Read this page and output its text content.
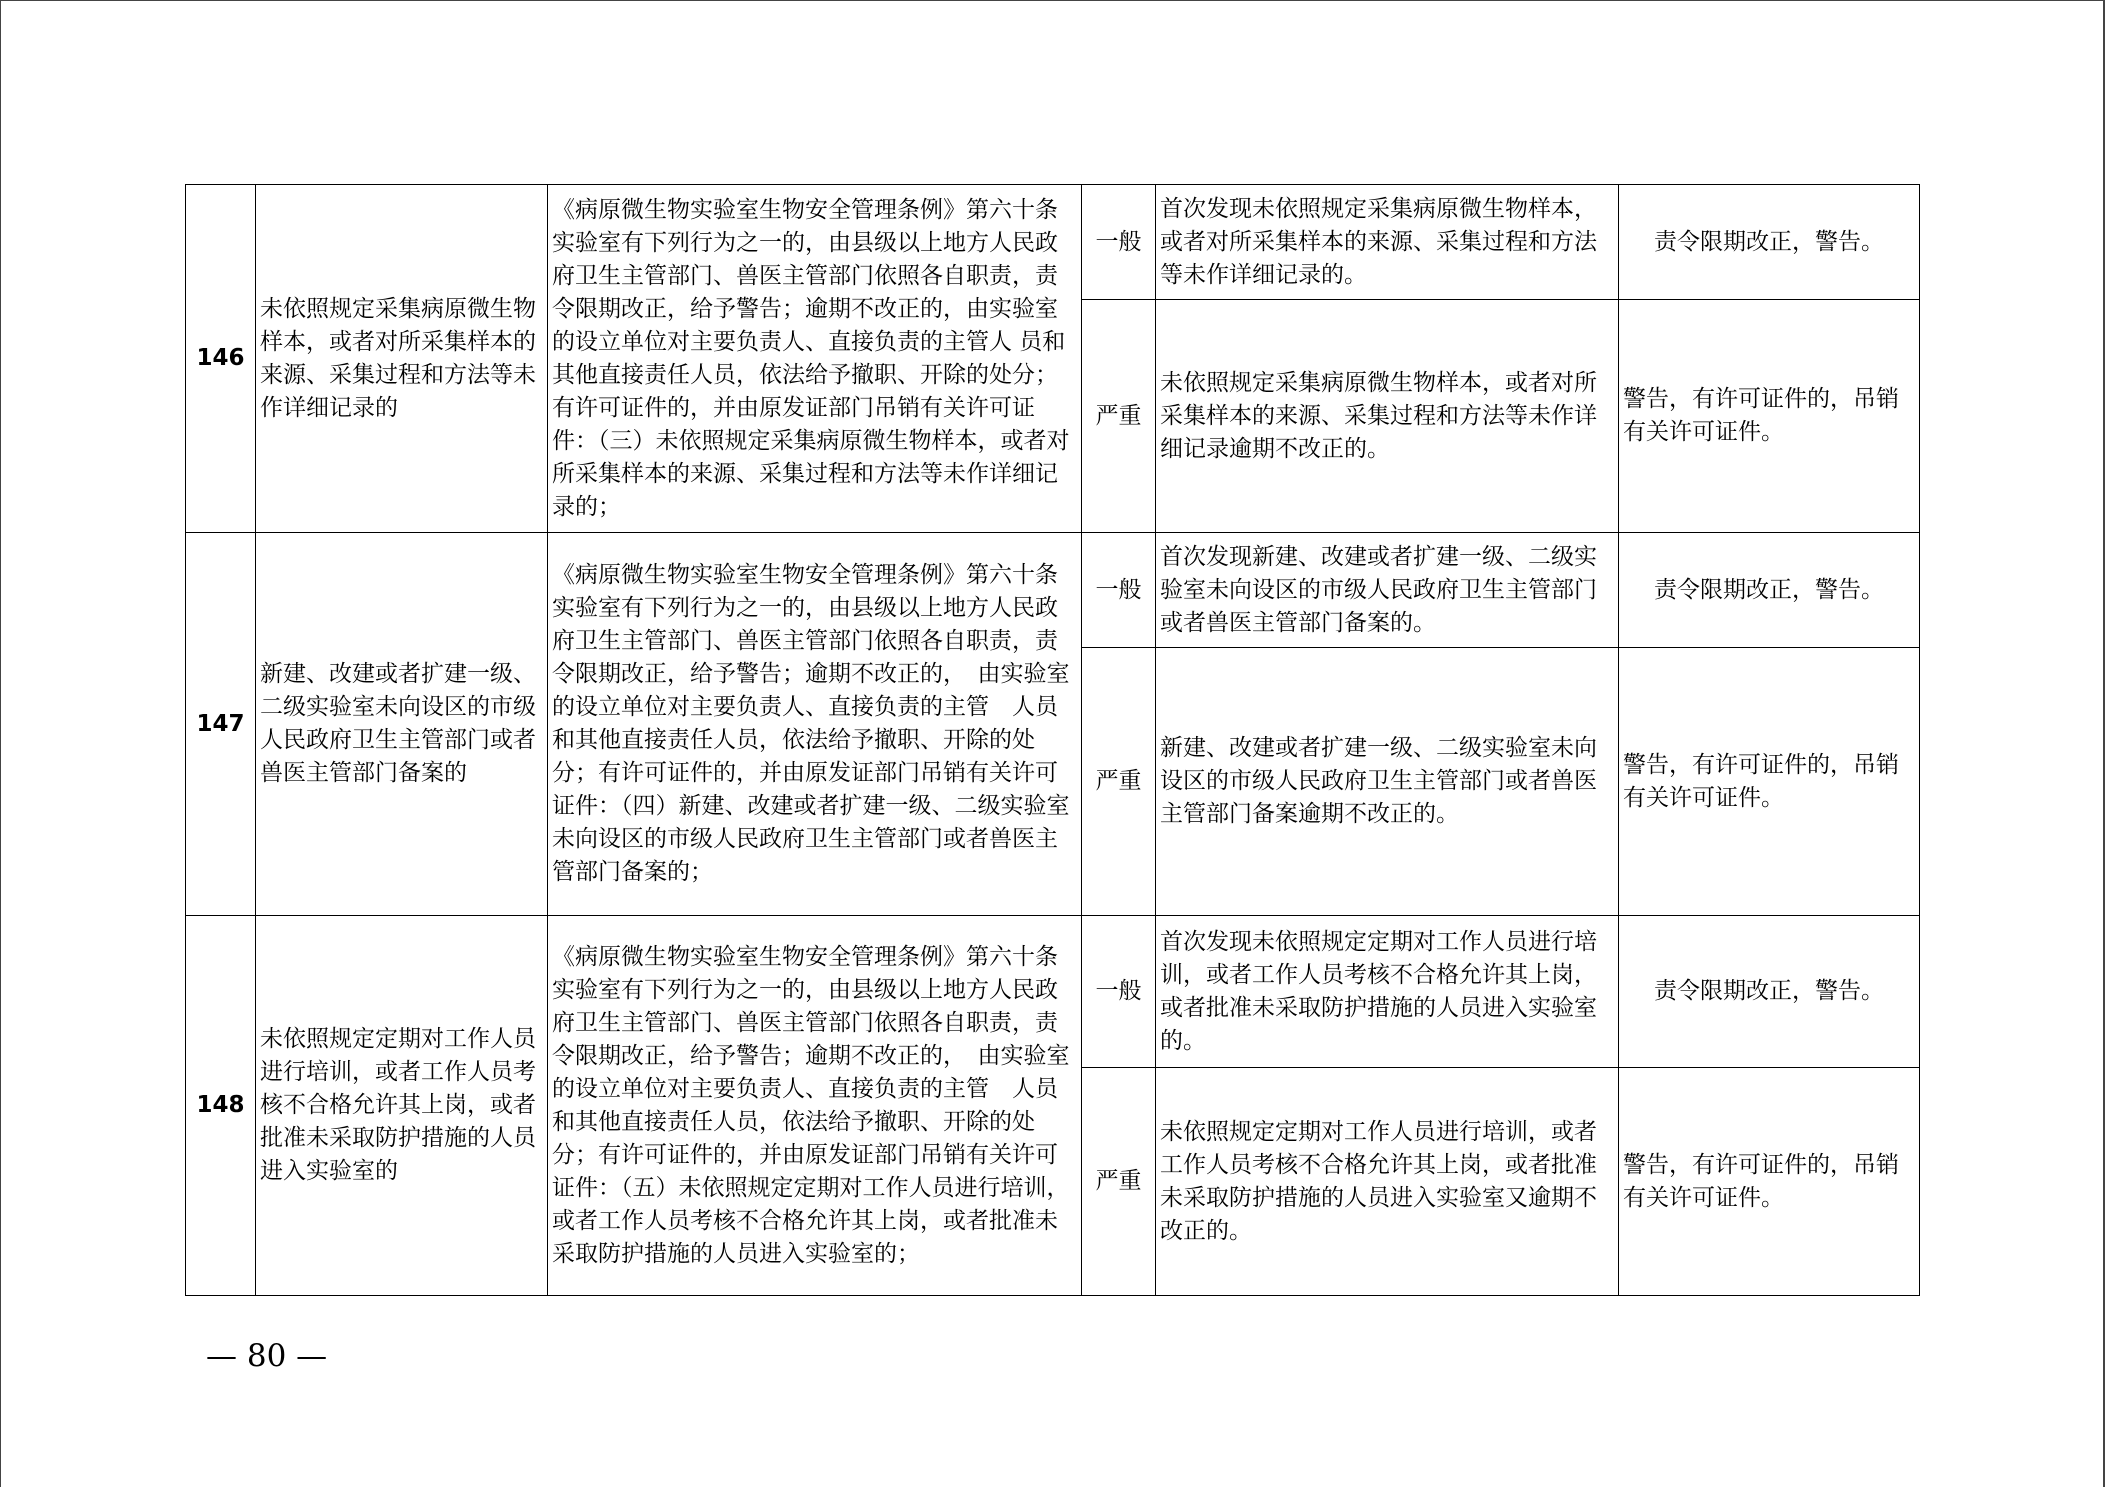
146	未依照规定采集病原微生物样本，或者对所采集样本的来源、采集过程和方法等未作详细记录的	《病原微生物实验室生物安全管理条例》第六十条　实验室有下列行为之一的，由县级以上地方人民政府卫生主管部门、兽医主管部门依照各自职责，责令限期改正，给予警告；逾期不改正的，由实验室的设立单位对主要负责人、直接负责的主管人 员和其他直接责任人员，依法给予撤职、开除的处分；有许可证件的，并由原发证部门吊销有关许可证件：（三）未依照规定采集病原微生物样本，或者对所采集样本的来源、采集过程和方法等未作详细记录的；	一般	首次发现未依照规定采集病原微生物样本，或者对所采集样本的来源、采集过程和方法等未作详细记录的。	责令限期改正，警告。
			严重	未依照规定采集病原微生物样本，或者对所采集样本的来源、采集过程和方法等未作详细记录逾期不改正的。	警告，有许可证件的，吊销有关许可证件。
147	新建、改建或者扩建一级、二级实验室未向设区的市级人民政府卫生主管部门或者兽医主管部门备案的	《病原微生物实验室生物安全管理条例》第六十条　　实验室有下列行为之一的，由县级以上地方人民政府卫生主管部门、兽医主管部门依照各自职责，责令限期改正，给予警告；逾期不改正的，　由实验室的设立单位对主要负责人、直接负责的主管　人员和其他直接责任人员，依法给予撤职、开除的处分；有许可证件的，并由原发证部门吊销有关许可证件：（四）新建、改建或者扩建一级、二级实验室未向设区的市级人民政府卫生主管部门或者兽医主管部门备案的；	一般	首次发现新建、改建或者扩建一级、二级实验室未向设区的市级人民政府卫生主管部门或者兽医主管部门备案的。	责令限期改正，警告。
			严重	新建、改建或者扩建一级、二级实验室未向设区的市级人民政府卫生主管部门或者兽医主管部门备案逾期不改正的。	警告，有许可证件的，吊销有关许可证件。
148	未依照规定定期对工作人员进行培训，或者工作人员考核不合格允许其上岗，或者批准未采取防护措施的人员进入实验室的	《病原微生物实验室生物安全管理条例》第六十条　　实验室有下列行为之一的，由县级以上地方人民政府卫生主管部门、兽医主管部门依照各自职责，责令限期改正，给予警告；逾期不改正的，　由实验室的设立单位对主要负责人、直接负责的主管　人员和其他直接责任人员，依法给予撤职、开除的处分；有许可证件的，并由原发证部门吊销有关许可证件：（五）未依照规定定期对工作人员进行培训，或者工作人员考核不合格允许其上岗，或者批准未采取防护措施的人员进入实验室的；	一般	首次发现未依照规定定期对工作人员进行培训，或者工作人员考核不合格允许其上岗，或者批准未采取防护措施的人员进入实验室的。	责令限期改正，警告。
			严重	未依照规定定期对工作人员进行培训，或者工作人员考核不合格允许其上岗，或者批准未采取防护措施的人员进入实验室又逾期不改正的。	警告，有许可证件的，吊销有关许可证件。
— 80 —
